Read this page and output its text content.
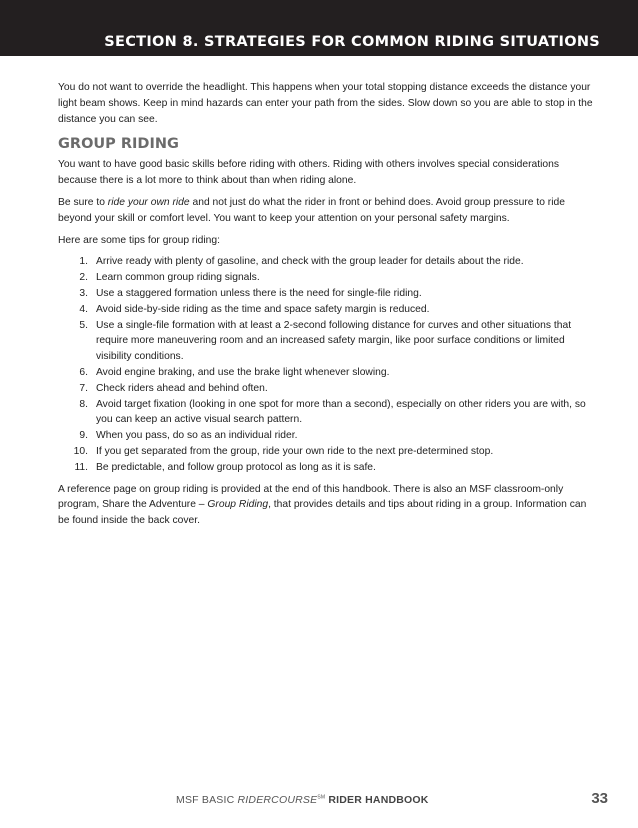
SECTION 8. STRATEGIES FOR COMMON RIDING SITUATIONS

You do not want to override the headlight. This happens when your total stopping distance exceeds the distance your light beam shows. Keep in mind hazards can enter your path from the sides. Slow down so you are able to stop in the distance you can see.

GROUP RIDING

You want to have good basic skills before riding with others. Riding with others involves special considerations because there is a lot more to think about than when riding alone.

Be sure to ride your own ride and not just do what the rider in front or behind does. Avoid group pressure to ride beyond your skill or comfort level. You want to keep your attention on your personal safety margins.

Here are some tips for group riding:

1. Arrive ready with plenty of gasoline, and check with the group leader for details about the ride.
2. Learn common group riding signals.
3. Use a staggered formation unless there is the need for single-file riding.
4. Avoid side-by-side riding as the time and space safety margin is reduced.
5. Use a single-file formation with at least a 2-second following distance for curves and other situations that require more maneuvering room and an increased safety margin, like poor surface conditions or limited visibility conditions.
6. Avoid engine braking, and use the brake light whenever slowing.
7. Check riders ahead and behind often.
8. Avoid target fixation (looking in one spot for more than a second), especially on other riders you are with, so you can keep an active visual search pattern.
9. When you pass, do so as an individual rider.
10. If you get separated from the group, ride your own ride to the next pre-determined stop.
11. Be predictable, and follow group protocol as long as it is safe.

A reference page on group riding is provided at the end of this handbook. There is also an MSF classroom-only program, Share the Adventure – Group Riding, that provides details and tips about riding in a group. Information can be found inside the back cover.

MSF BASIC RIDERCOURSE℠ RIDER HANDBOOK	33
